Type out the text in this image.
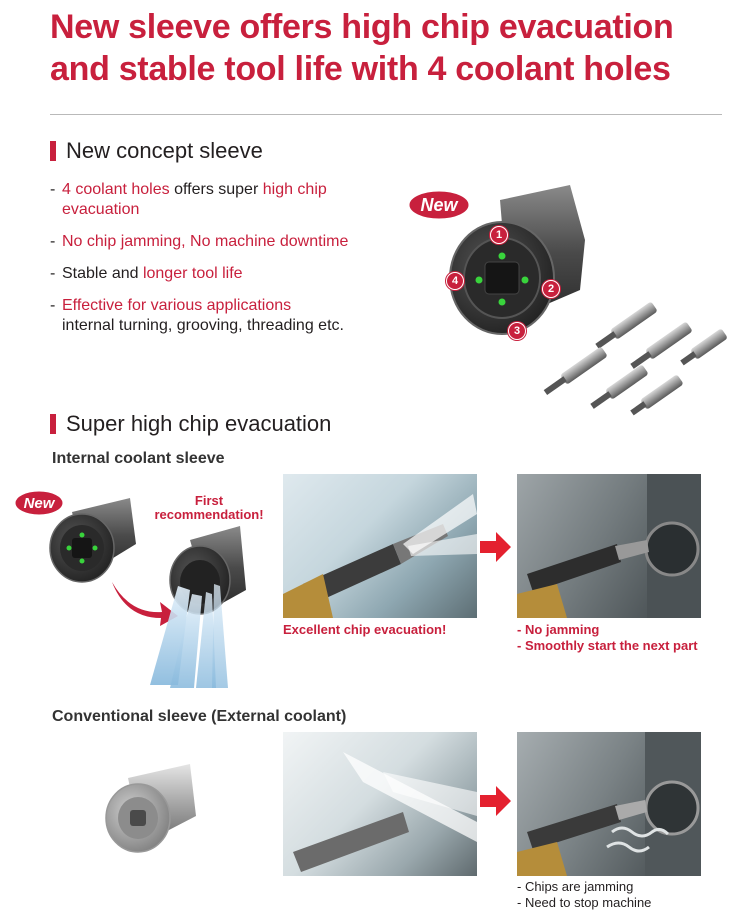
New sleeve offers high chip evacuation
and stable tool life with 4 coolant holes
New concept sleeve
- 4 coolant holes offers super high chip
evacuation
- No chip jamming, No machine downtime
- Stable and longer tool life
- Effective for various applications
internal turning, grooving, threading etc.
New
1
2
3
4
Super high chip evacuation
Internal coolant sleeve
New	First
recommendation!
Excellent chip evacuation!	- No jamming
- Smoothly start the next part
Conventional sleeve (External coolant)
- Chips are jamming
- Need to stop machine
